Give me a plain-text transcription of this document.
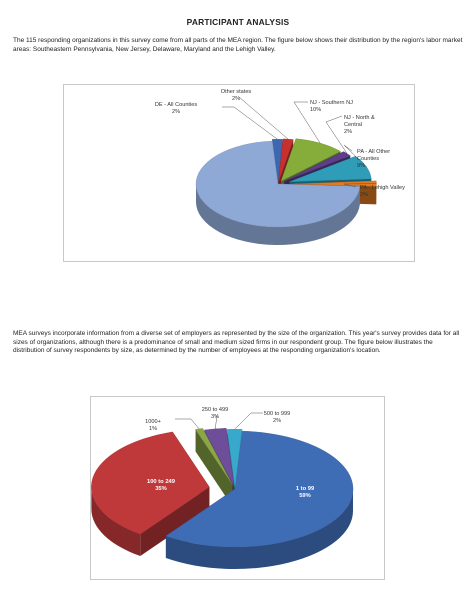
PARTICIPANT ANALYSIS
The 115 responding organizations in this survey come from all parts of the MEA region. The figure below shows their distribution by the region's labor market areas: Southeastern Pennsylvania, New Jersey, Delaware, Maryland and the Lehigh Valley.
DE - All Counties 2%
Other states 2%
NJ - Southern NJ 10%
NJ - North & Central 2%
PA - All Other Counties 9%
PA - Lehigh Valley 2%
PA - Philadelphia Metro 73%
MEA surveys incorporate information from a diverse set of employers as represented by the size of the organization. This year's survey provides data for all sizes of organizations, although there is a predominance of small and medium sized firms in our respondent group. The figure below illustrates the distribution of survey respondents by size, as determined by the number of employees at the responding organization's location.
1 to 99 59%
100 to 249 35%
1000+ 1%
250 to 499 3%	500 to 999 2%
